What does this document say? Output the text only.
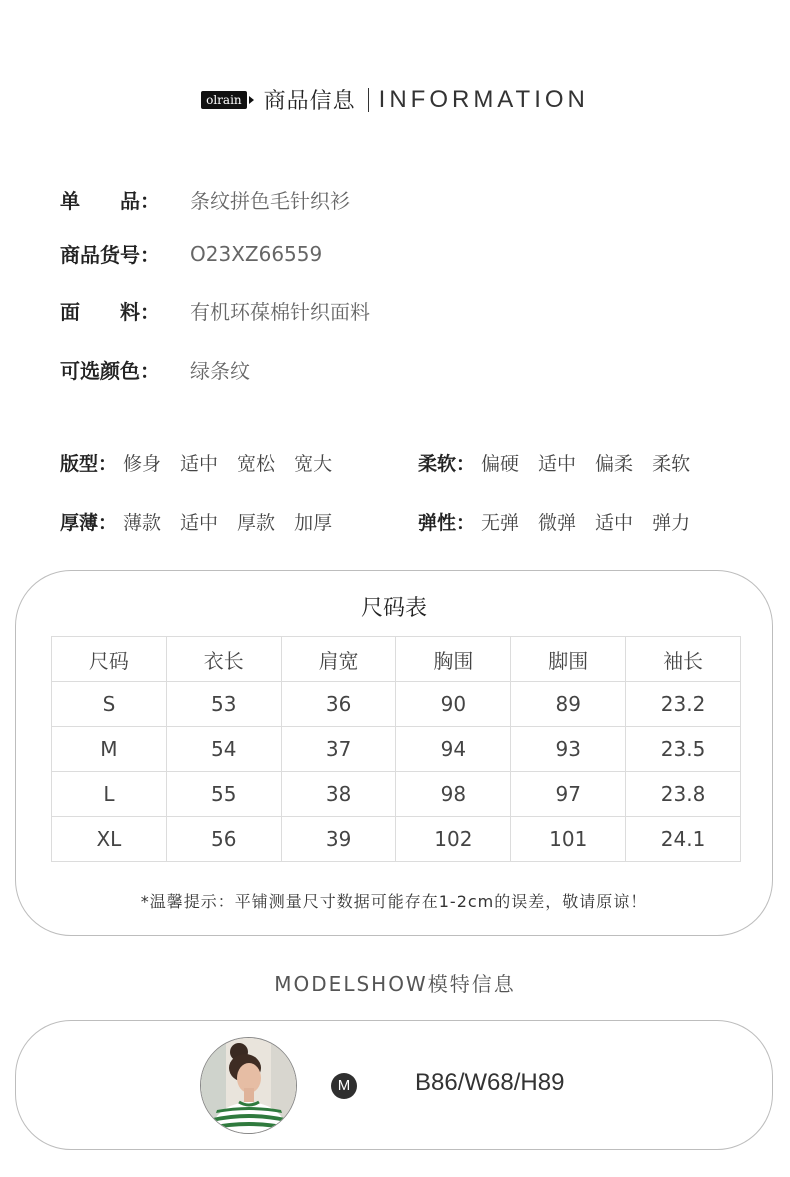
olrain 商品信息 INFORMATION
单　　品：	条纹拼色毛针织衫
商品货号：	O23XZ66559
面　　料：	有机环葆棉针织面料
可选颜色：	绿条纹
版型： 修身 适中 宽松 宽大	柔软： 偏硬 适中 偏柔 柔软
厚薄： 薄款 适中 厚款 加厚	弹性： 无弹 微弹 适中 弹力
尺码表
尺码	衣长	肩宽	胸围	脚围	袖长
S	53	36	90	89	23.2
M	54	37	94	93	23.5
L	55	38	98	97	23.8
XL	56	39	102	101	24.1
*温馨提示：平铺测量尺寸数据可能存在1-2cm的误差，敬请原谅！
MODELSHOW模特信息
M	B86/W68/H89
